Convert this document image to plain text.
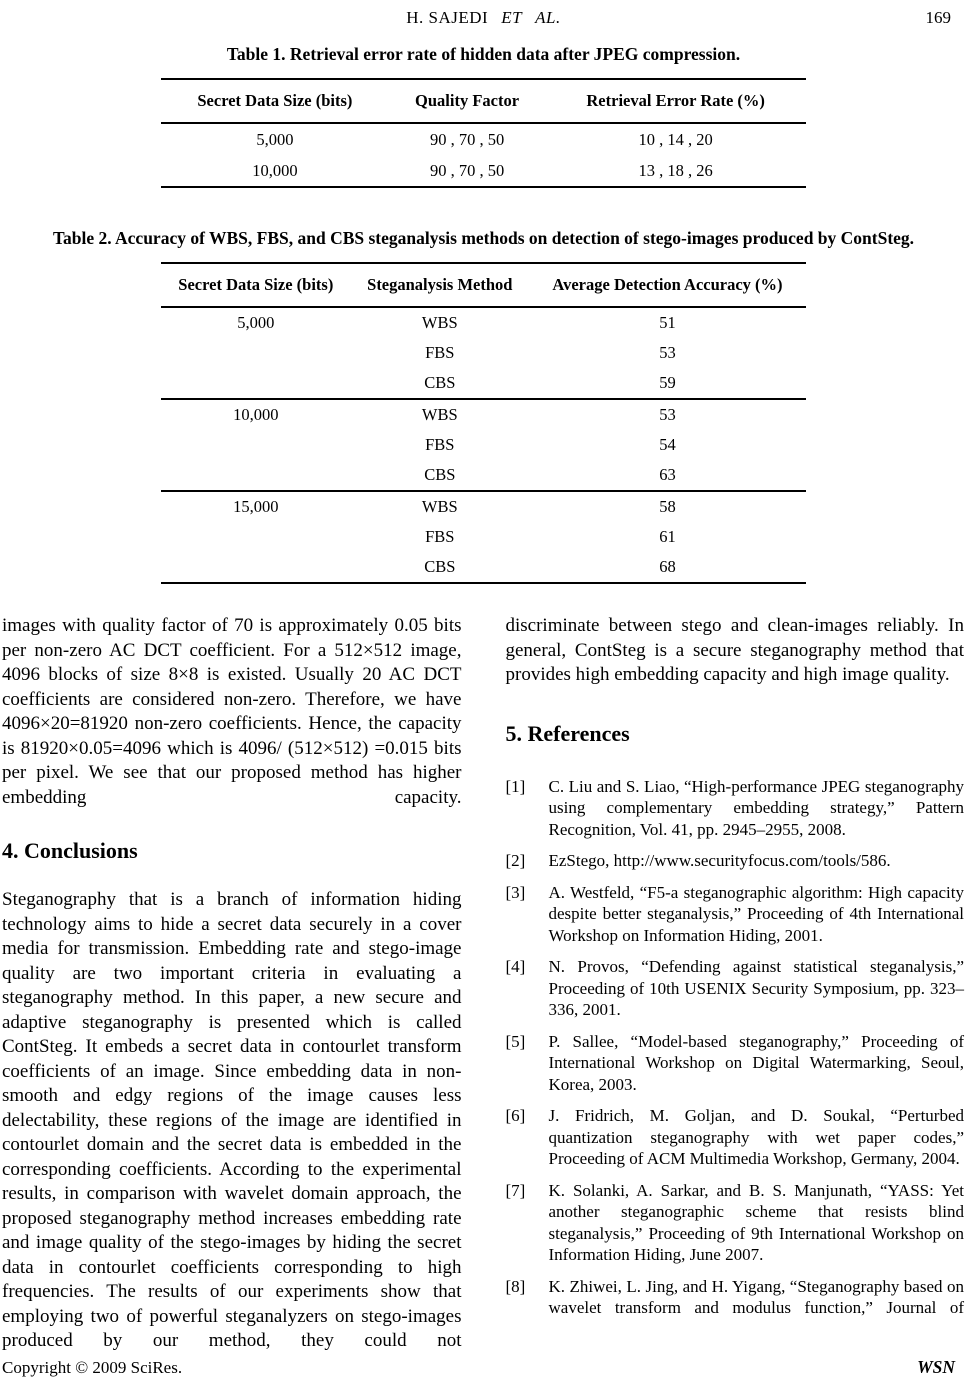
H. SAJEDI ET AL.	169
Table 1. Retrieval error rate of hidden data after JPEG compression.
Secret Data Size (bits)	Quality Factor	Retrieval Error Rate (%)
5,000	90 , 70 , 50	10 , 14 , 20
10,000	90 , 70 , 50	13 , 18 , 26
Table 2. Accuracy of WBS, FBS, and CBS steganalysis methods on detection of stego-images produced by ContSteg.
Secret Data Size (bits)	Steganalysis Method	Average Detection Accuracy (%)
5,000	WBS	51
	FBS	53
	CBS	59
10,000	WBS	53
	FBS	54
	CBS	63
15,000	WBS	58
	FBS	61
	CBS	68

images with quality factor of 70 is approximately 0.05 bits per non-zero AC DCT coefficient. For a 512×512 image, 4096 blocks of size 8×8 is existed. Usually 20 AC DCT coefficients are considered non-zero. Therefore, we have 4096×20=81920 non-zero coefficients. Hence, the capacity is 81920×0.05=4096 which is 4096/ (512×512) =0.015 bits per pixel. We see that our proposed method has higher embedding capacity.

4. Conclusions

Steganography that is a branch of information hiding technology aims to hide a secret data securely in a cover media for transmission. Embedding rate and stego-image quality are two important criteria in evaluating a steganography method. In this paper, a new secure and adaptive steganography is presented which is called ContSteg. It embeds a secret data in contourlet transform coefficients of an image. Since embedding data in non-smooth and edgy regions of the image causes less delectability, these regions of the image are identified in contourlet domain and the secret data is embedded in the corresponding coefficients. According to the experimental results, in comparison with wavelet domain approach, the proposed steganography method increases embedding rate and image quality of the stego-images by hiding the secret data in contourlet coefficients corresponding to high frequencies. The results of our experiments show that employing two of powerful steganalyzers on stego-images produced by our method, they could not

discriminate between stego and clean-images reliably. In general, ContSteg is a secure steganography method that provides high embedding capacity and high image quality.

5. References
[1]	C. Liu and S. Liao, “High-performance JPEG steganography using complementary embedding strategy,” Pattern Recognition, Vol. 41, pp. 2945–2955, 2008.
[2]	EzStego, http://www.securityfocus.com/tools/586.
[3]	A. Westfeld, “F5-a steganographic algorithm: High capacity despite better steganalysis,” Proceeding of 4th International Workshop on Information Hiding, 2001.
[4]	N. Provos, “Defending against statistical steganalysis,” Proceeding of 10th USENIX Security Symposium, pp. 323–336, 2001.
[5]	P. Sallee, “Model-based steganography,” Proceeding of International Workshop on Digital Watermarking, Seoul, Korea, 2003.
[6]	J. Fridrich, M. Goljan, and D. Soukal, “Perturbed quantization steganography with wet paper codes,” Proceeding of ACM Multimedia Workshop, Germany, 2004.
[7]	K. Solanki, A. Sarkar, and B. S. Manjunath, “YASS: Yet another steganographic scheme that resists blind steganalysis,” Proceeding of 9th International Workshop on Information Hiding, June 2007.
[8]	K. Zhiwei, L. Jing, and H. Yigang, “Steganography based on wavelet transform and modulus function,” Journal of
Copyright © 2009 SciRes.	WSN
